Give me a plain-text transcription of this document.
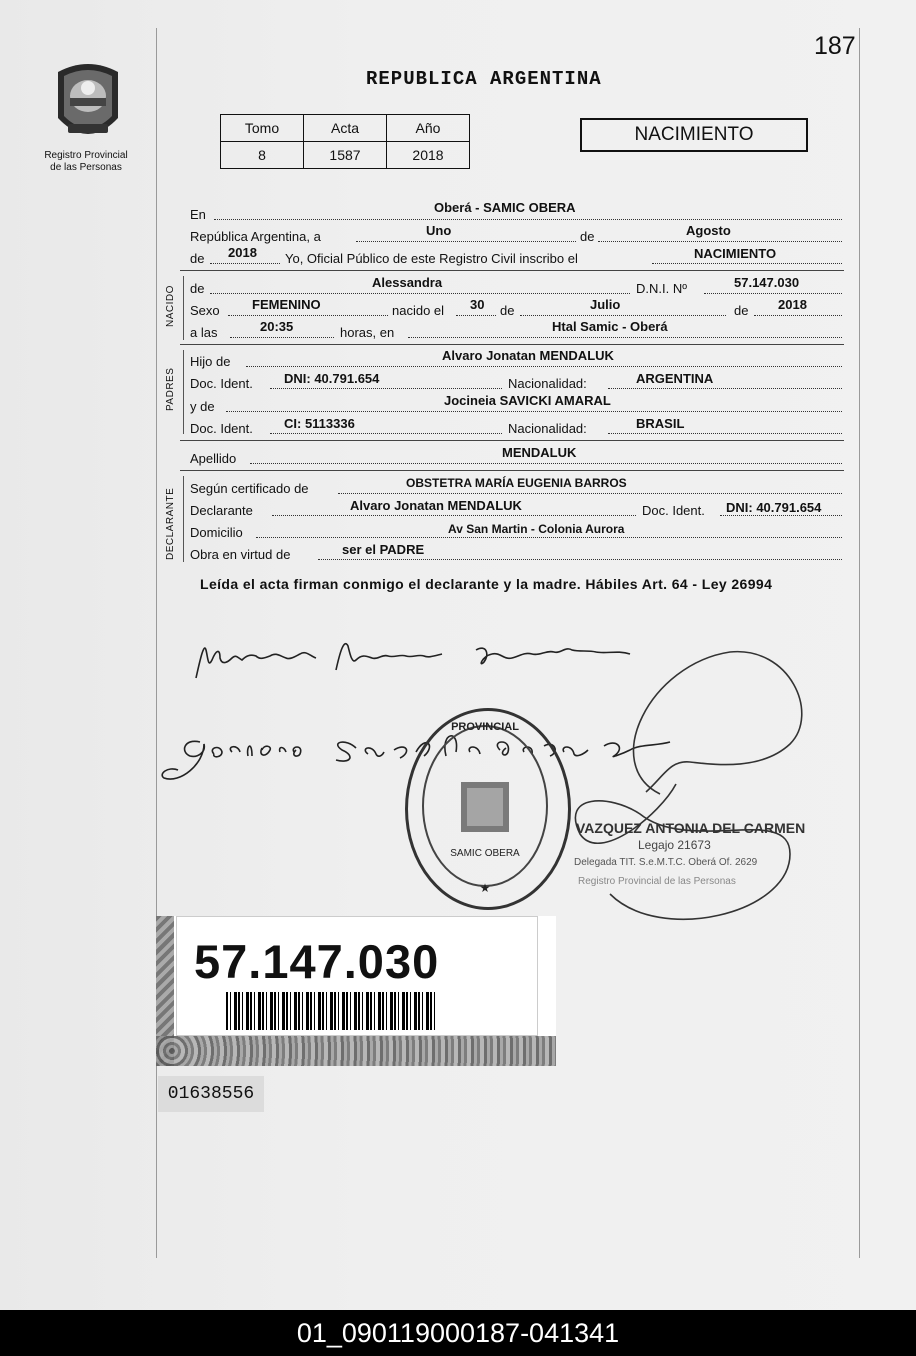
187
Registro Provincial
de las Personas
REPUBLICA ARGENTINA
Tomo	Acta	Año
8	1587	2018
NACIMIENTO
En	Oberá - SAMIC OBERA
República Argentina, a	Uno	de	Agosto
de 2018 Yo, Oficial Público de este Registro Civil inscribo el	NACIMIENTO
NACIDO de	Alessandra	D.N.I. Nº	57.147.030
Sexo FEMENINO	nacido el 30 de	Julio	de 2018
a las	20:35	horas, en	Htal Samic - Oberá
PADRES
Hijo de	Alvaro Jonatan MENDALUK
Doc. Ident. DNI: 40.791.654	Nacionalidad:	ARGENTINA
y de	Jocineia SAVICKI AMARAL
Doc. Ident. CI: 5113336	Nacionalidad:	BRASIL
Apellido	MENDALUK
DECLARANTE Según certificado de	OBSTETRA MARÍA EUGENIA BARROS
Declarante	Alvaro Jonatan MENDALUK	Doc. Ident. DNI: 40.791.654
Domicilio	Av San Martin - Colonia Aurora
Obra en virtud de	ser el PADRE
Leída el acta firman conmigo el declarante y la madre. Hábiles Art. 64 - Ley 26994
PROVINCIAL
SAMIC OBERA
★
VAZQUEZ ANTONIA DEL CARMEN
Legajo 21673
Delegada TIT. S.e.M.T.C. Oberá Of. 2629
Registro Provincial de las Personas
57.147.030
01638556
01_090119000187-041341
